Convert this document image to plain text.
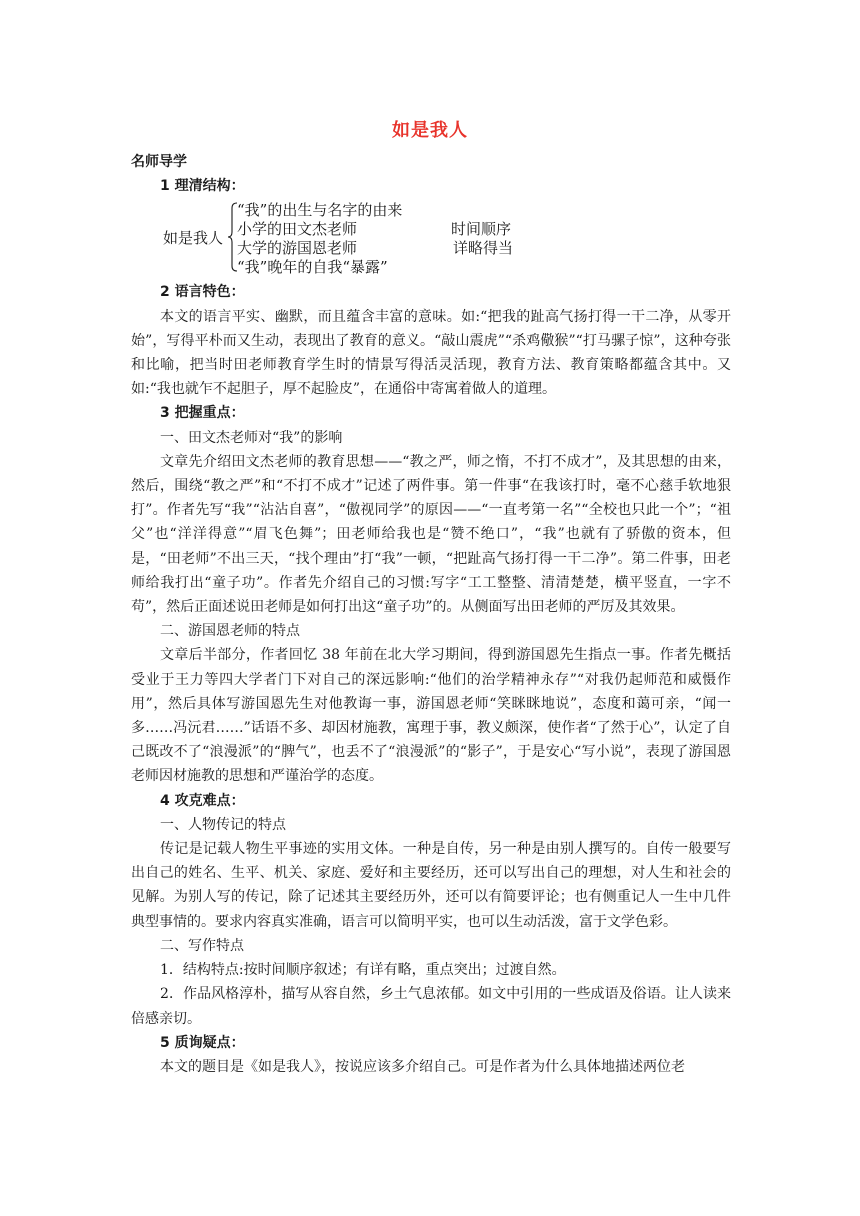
如是我人
名师导学
1 理清结构：
如是我人
“我”的出生与名字的由来
小学的田文杰老师
大学的游国恩老师
“我”晚年的自我“暴露”
时间顺序
详略得当
2 语言特色：

本文的语言平实、幽默，而且蕴含丰富的意味。如:“把我的趾高气扬打得一干二净，从零开始”，写得平朴而又生动，表现出了教育的意义。“敲山震虎”“杀鸡儆猴”“打马骡子惊”，这种夸张和比喻，把当时田老师教育学生时的情景写得活灵活现，教育方法、教育策略都蕴含其中。又如:“我也就乍不起胆子，厚不起脸皮”，在通俗中寄寓着做人的道理。

3 把握重点：

一、田文杰老师对“我”的影响

文章先介绍田文杰老师的教育思想——“教之严，师之惰，不打不成才”，及其思想的由来，然后，围绕“教之严”和“不打不成才”记述了两件事。第一件事“在我该打时，毫不心慈手软地狠打”。作者先写“我”“沾沾自喜”，“傲视同学”的原因——“一直考第一名”“全校也只此一个”；“祖父”也“洋洋得意”“眉飞色舞”；田老师给我也是“赞不绝口”，“我”也就有了骄傲的资本，但是，“田老师”不出三天，“找个理由”打“我”一顿，“把趾高气扬打得一干二净”。第二件事，田老师给我打出“童子功”。作者先介绍自己的习惯:写字“工工整整、清清楚楚，横平竖直，一字不苟”，然后正面述说田老师是如何打出这“童子功”的。从侧面写出田老师的严厉及其效果。

二、游国恩老师的特点

文章后半部分，作者回忆 38 年前在北大学习期间，得到游国恩先生指点一事。作者先概括受业于王力等四大学者门下对自己的深远影响:“他们的治学精神永存”“对我仍起师范和威慑作用”，然后具体写游国恩先生对他教诲一事，游国恩老师“笑眯眯地说”，态度和蔼可亲，“闻一多……冯沅君……”话语不多、却因材施教，寓理于事，教义颇深，使作者“了然于心”，认定了自己既改不了“浪漫派”的“脾气”，也丢不了“浪漫派”的“影子”，于是安心“写小说”，表现了游国恩老师因材施教的思想和严谨治学的态度。

4 攻克难点：

一、人物传记的特点

传记是记载人物生平事迹的实用文体。一种是自传，另一种是由别人撰写的。自传一般要写出自己的姓名、生平、机关、家庭、爱好和主要经历，还可以写出自己的理想，对人生和社会的见解。为别人写的传记，除了记述其主要经历外，还可以有简要评论；也有侧重记人一生中几件典型事情的。要求内容真实准确，语言可以简明平实，也可以生动活泼，富于文学色彩。

二、写作特点

1．结构特点:按时间顺序叙述；有详有略，重点突出；过渡自然。

2．作品风格淳朴，描写从容自然，乡土气息浓郁。如文中引用的一些成语及俗语。让人读来倍感亲切。

5 质询疑点：

本文的题目是《如是我人》，按说应该多介绍自己。可是作者为什么具体地描述两位老
